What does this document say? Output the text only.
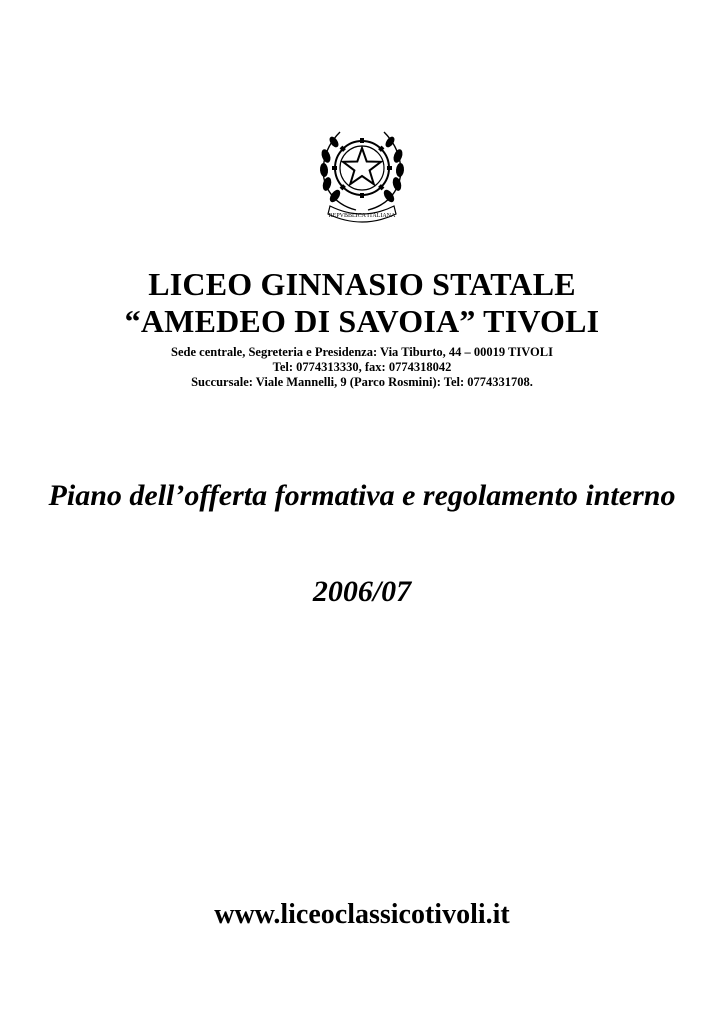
REPVBBLICA ITALIANA

LICEO GINNASIO STATALE

“AMEDEO DI SAVOIA” TIVOLI

Sede centrale, Segreteria e Presidenza: Via Tiburto, 44 – 00019 TIVOLI

Tel: 0774313330, fax: 0774318042

Succursale: Viale Mannelli, 9 (Parco Rosmini): Tel: 0774331708.

Piano dell’offerta formativa e regolamento interno

2006/07

www.liceoclassicotivoli.it
